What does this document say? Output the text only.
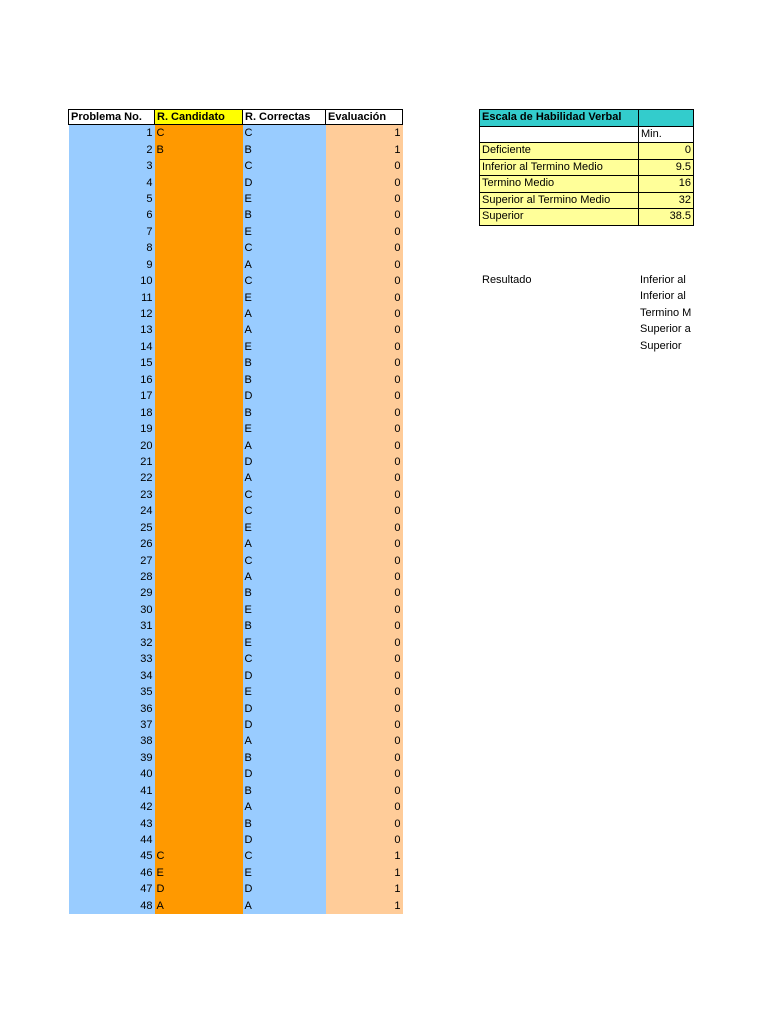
Problema No.	R. Candidato	R. Correctas	Evaluación
1	C	C	1
2	B	B	1
3		C	0
4		D	0
5		E	0
6		B	0
7		E	0
8		C	0
9		A	0
10		C	0
11		E	0
12		A	0
13		A	0
14		E	0
15		B	0
16		B	0
17		D	0
18		B	0
19		E	0
20		A	0
21		D	0
22		A	0
23		C	0
24		C	0
25		E	0
26		A	0
27		C	0
28		A	0
29		B	0
30		E	0
31		B	0
32		E	0
33		C	0
34		D	0
35		E	0
36		D	0
37		D	0
38		A	0
39		B	0
40		D	0
41		B	0
42		A	0
43		B	0
44		D	0
45	C	C	1
46	E	E	1
47	D	D	1
48	A	A	1
Escala de Habilidad Verbal	
	Min.
Deficiente	0
Inferior al Termino Medio	9.5
Termino Medio	16
Superior al Termino Medio	32
Superior	38.5
Resultado	Inferior al
Inferior al
Termino M
Superior a
Superior
